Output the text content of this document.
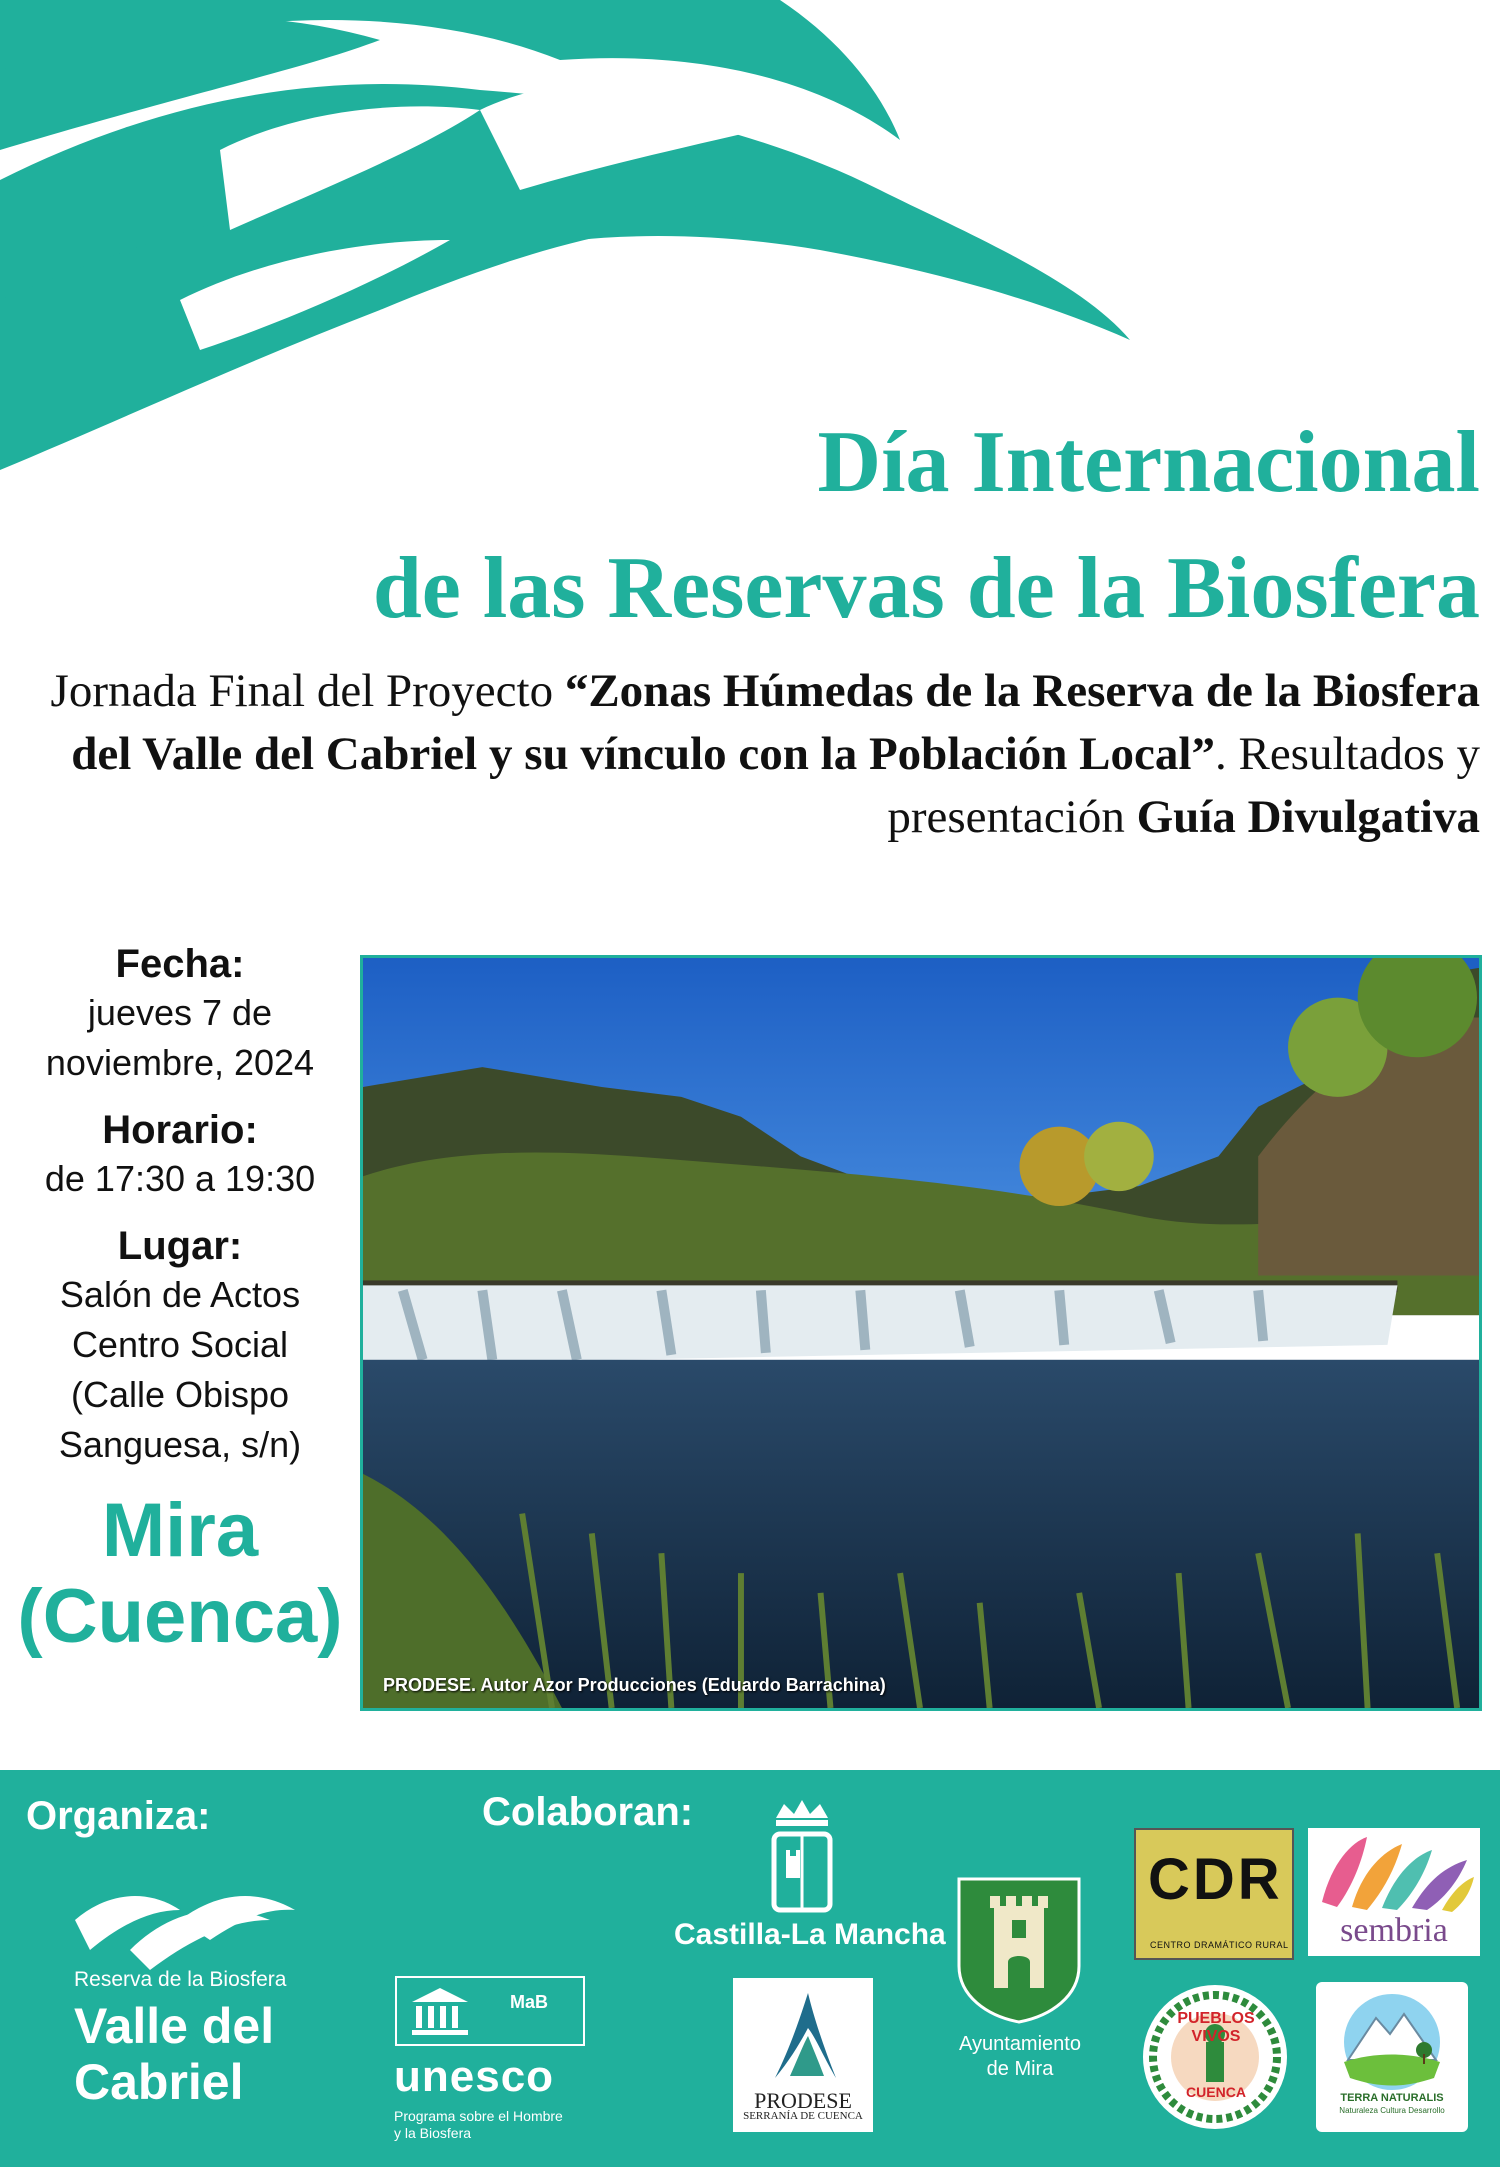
Día Internacional
de las Reservas de la Biosfera
Jornada Final del Proyecto “Zonas Húmedas de la Reserva de la Biosfera del Valle del Cabriel y su vínculo con la Población Local”. Resultados y presentación Guía Divulgativa
Fecha:
jueves 7 de
noviembre, 2024
Horario:
de 17:30 a 19:30
Lugar:
Salón de Actos
Centro Social
(Calle Obispo
Sanguesa, s/n)
Mira
(Cuenca)
PRODESE. Autor Azor Producciones (Eduardo Barrachina)
Organiza:	Colaboran:
Reserva de la Biosfera
Valle del
Cabriel
MaB
unesco
Programa sobre el Hombre
y la Biosfera
Castilla-La Mancha
PRODESE
SERRANÍA DE CUENCA
Ayuntamiento
de Mira
CDR
CENTRO DRAMÁTICO RURAL	sembria
PUEBLOS VIVOS
CUENCA	TERRA NATURALIS
Naturaleza Cultura Desarrollo
